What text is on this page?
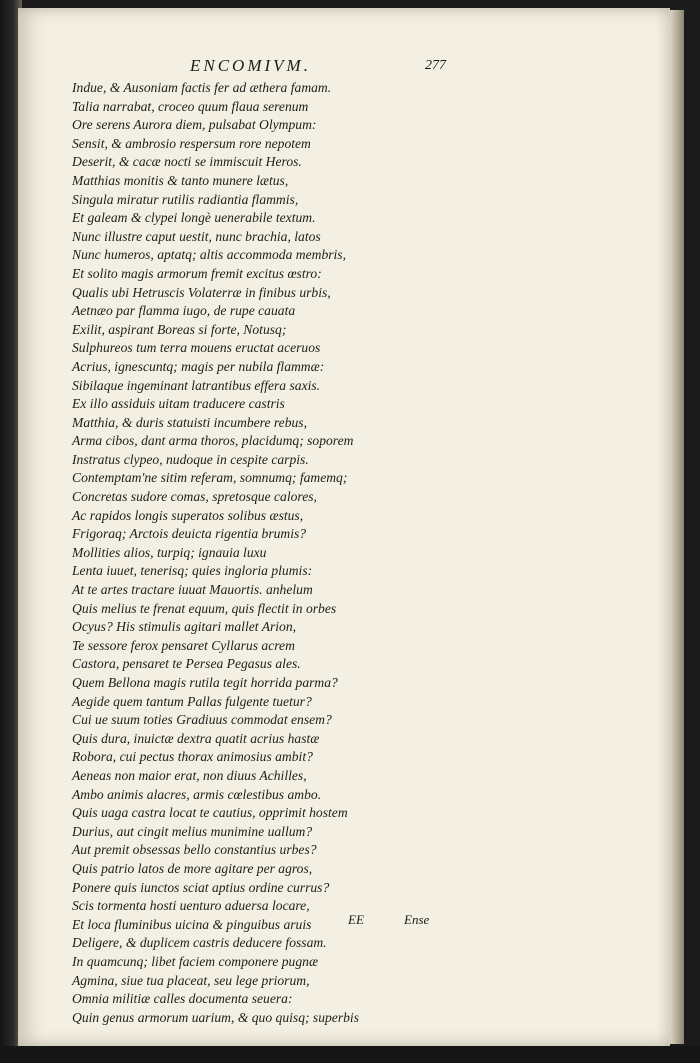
ENCOMIVM.	277
Indue, & Ausoniam factis fer ad æthera famam.
Talia narrabat, croceo quum flaua serenum
Ore serens Aurora diem, pulsabat Olympum:
Sensit, & ambrosio respersum rore nepotem
Deserit, & cacæ nocti se immiscuit Heros.
Matthias monitis & tanto munere lætus,
Singula miratur rutilis radiantia flammis,
Et galeam & clypei longè uenerabile textum.
Nunc illustre caput uestit, nunc brachia, latos
Nunc humeros, aptatq; altis accommoda membris,
Et solito magis armorum fremit excitus œstro:
Qualis ubi Hetruscis Volaterræ in finibus urbis,
Aetnæo par flamma iugo, de rupe cauata
Exilit, aspirant Boreas si forte, Notusq;
Sulphureos tum terra mouens eructat aceruos
Acrius, ignescuntq; magis per nubila flammæ:
Sibilaque ingeminant latrantibus effera saxis.
Ex illo assiduis uitam traducere castris
Matthia, & duris statuisti incumbere rebus,
Arma cibos, dant arma thoros, placidumq; soporem
Instratus clypeo, nudoque in cespite carpis.
Contemptam'ne sitim referam, somnumq; famemq;
Concretas sudore comas, spretosque calores,
Ac rapidos longis superatos solibus æstus,
Frigoraq; Arctois deuicta rigentia brumis?
Mollities alios, turpiq; ignauia luxu
Lenta iuuet, tenerisq; quies ingloria plumis:
At te artes tractare iuuat Mauortis. anhelum
Quis melius te frenat equum, quis flectit in orbes
Ocyus? His stimulis agitari mallet Arion,
Te sessore ferox pensaret Cyllarus acrem
Castora, pensaret te Persea Pegasus ales.
Quem Bellona magis rutila tegit horrida parma?
Aegide quem tantum Pallas fulgente tuetur?
Cui ue suum toties Gradiuus commodat ensem?
Quis dura, inuictæ dextra quatit acrius hastæ
Robora, cui pectus thorax animosius ambit?
Aeneas non maior erat, non diuus Achilles,
Ambo animis alacres, armis cœlestibus ambo.
Quis uaga castra locat te cautius, opprimit hostem
Durius, aut cingit melius munimine uallum?
Aut premit obsessas bello constantius urbes?
Quis patrio latos de more agitare per agros,
Ponere quis iunctos sciat aptius ordine currus?
Scis tormenta hosti uenturo aduersa locare,
Et loca fluminibus uicina & pinguibus aruis
Deligere, & duplicem castris deducere fossam.
In quamcunq; libet faciem componere pugnæ
Agmina, siue tua placeat, seu lege priorum,
Omnia militiæ calles documenta seuera:
Quin genus armorum uarium, & quo quisq; superbis
EE	Ense
